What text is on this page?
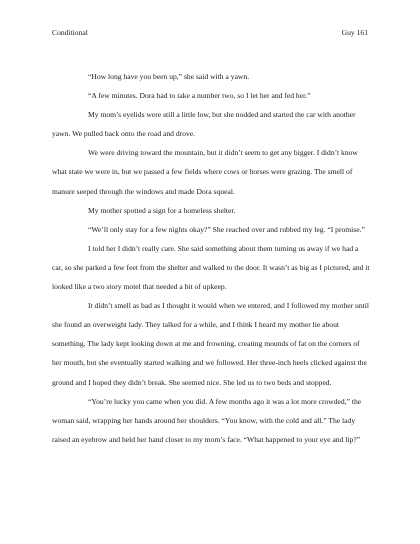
Conditional	Guy 161

“How long have you been up,” she said with a yawn.

“A few minutes. Dora had to take a number two, so I let her and fed her.”

My mom’s eyelids were still a little low, but she nodded and started the car with another yawn. We pulled back onto the road and drove.

We were driving toward the mountain, but it didn’t seem to get any bigger. I didn’t know what state we were in, but we passed a few fields where cows or horses were grazing. The smell of manure seeped through the windows and made Dora squeal.

My mother spotted a sign for a homeless shelter.

“We’ll only stay for a few nights okay?” She reached over and rubbed my leg. “I promise.”

I told her I didn’t really care. She said something about them turning us away if we had a car, so she parked a few feet from the shelter and walked to the door. It wasn’t as big as I pictured, and it looked like a two story motel that needed a bit of upkeep.

It didn’t smell as bad as I thought it would when we entered, and I followed my mother until she found an overweight lady. They talked for a while, and I think I heard my mother lie about something. The lady kept looking down at me and frowning, creating mounds of fat on the corners of her mouth, but she eventually started walking and we followed. Her three-inch heels clicked against the ground and I hoped they didn’t break. She seemed nice. She led us to two beds and stopped.

“You’re lucky you came when you did. A few months ago it was a lot more crowded,” the woman said, wrapping her hands around her shoulders. “You know, with the cold and all.” The lady raised an eyebrow and held her hand closer to my mom’s face. “What happened to your eye and lip?”
